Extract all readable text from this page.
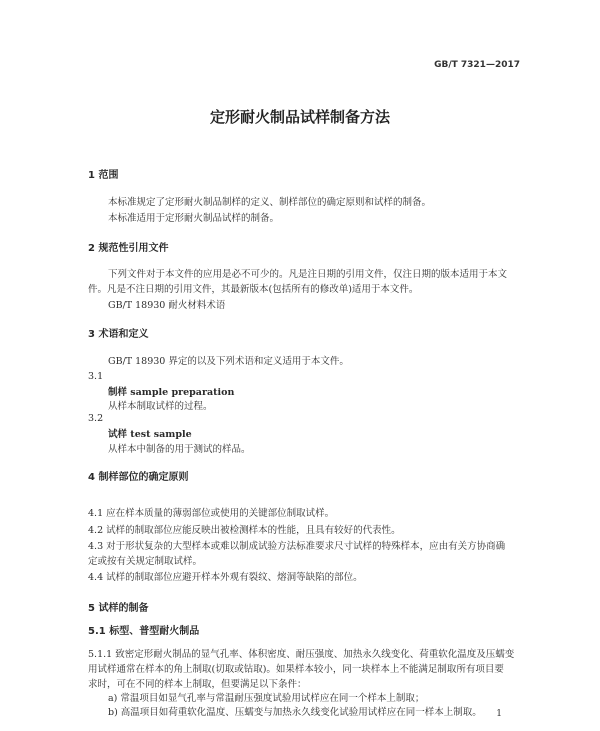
GB/T 7321—2017
定形耐火制品试样制备方法
1 范围
本标准规定了定形耐火制品制样的定义、制样部位的确定原则和试样的制备。
本标准适用于定形耐火制品试样的制备。
2 规范性引用文件
下列文件对于本文件的应用是必不可少的。凡是注日期的引用文件，仅注日期的版本适用于本文
件。凡是不注日期的引用文件，其最新版本(包括所有的修改单)适用于本文件。
GB/T 18930 耐火材料术语
3 术语和定义
GB/T 18930 界定的以及下列术语和定义适用于本文件。
3.1
制样 sample preparation
从样本制取试样的过程。
3.2
试样 test sample
从样本中制备的用于测试的样品。
4 制样部位的确定原则
4.1 应在样本质量的薄弱部位或使用的关键部位制取试样。
4.2 试样的制取部位应能反映出被检测样本的性能，且具有较好的代表性。
4.3 对于形状复杂的大型样本或难以制成试验方法标准要求尺寸试样的特殊样本，应由有关方协商确
定或按有关规定制取试样。
4.4 试样的制取部位应避开样本外观有裂纹、熔洞等缺陷的部位。
5 试样的制备
5.1 标型、普型耐火制品
5.1.1 致密定形耐火制品的显气孔率、体积密度、耐压强度、加热永久线变化、荷重软化温度及压蠕变
用试样通常在样本的角上制取(切取或钻取)。如果样本较小，同一块样本上不能满足制取所有项目要
求时，可在不同的样本上制取，但要满足以下条件：
a) 常温项目如显气孔率与常温耐压强度试验用试样应在同一个样本上制取；
b) 高温项目如荷重软化温度、压蠕变与加热永久线变化试验用试样应在同一样本上制取。 1
